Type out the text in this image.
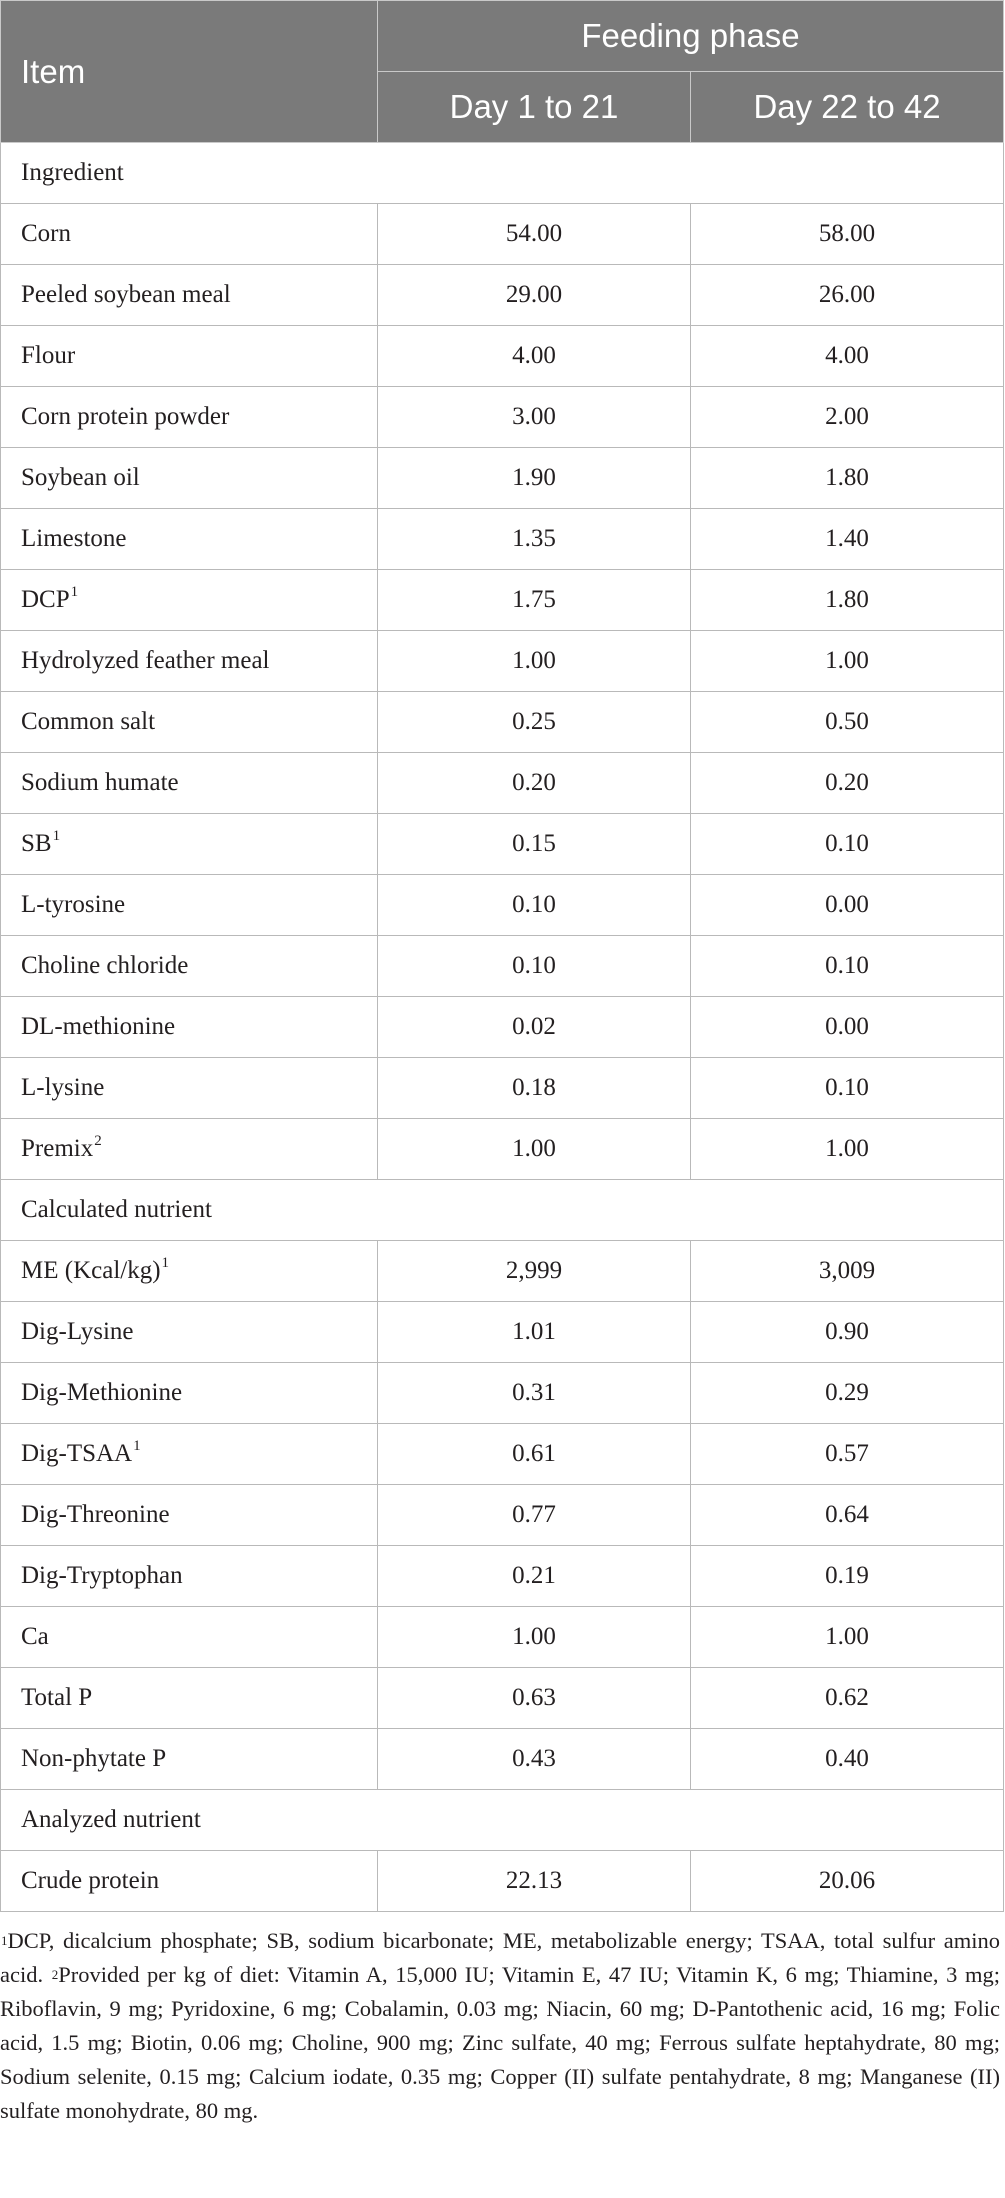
Item	Feeding phase	
	Day 1 to 21	Day 22 to 42
Ingredient		
Corn	54.00	58.00
Peeled soybean meal	29.00	26.00
Flour	4.00	4.00
Corn protein powder	3.00	2.00
Soybean oil	1.90	1.80
Limestone	1.35	1.40
DCP$^1$	1.75	1.80
Hydrolyzed feather meal	1.00	1.00
Common salt	0.25	0.50
Sodium humate	0.20	0.20
$SB^1$	0.15	0.10
L-tyrosine	0.10	0.00
Choline chloride	0.10	0.10
DL-methionine	0.02	0.00
L-lysine	0.18	0.10
Premix$^2$	1.00	1.00
Calculated nutrient		
ME (Kcal/kg)$^1$	2,999	3,009
Dig-Lysine	1.01	0.90
Dig-Methionine	0.31	0.29
Dig-TSAA$^1$	0.61	0.57
Dig-Threonine	0.77	0.64
Dig-Tryptophan	0.21	0.19
Ca	1.00	1.00
Total P	0.63	0.62
Non-phytate P	0.43	0.40
Analyzed nutrient		
Crude protein	22.13	20.06
$^1$DCP, dicalcium phosphate; SB, sodium bicarbonate; ME, metabolizable energy; TSAA, total sulfur amino acid. $^2$Provided per kg of diet: Vitamin A, 15,000 IU; Vitamin E, 47 IU; Vitamin K, 6 mg; Thiamine, 3 mg; Riboflavin, 9 mg; Pyridoxine, 6 mg; Cobalamin, 0.03 mg; Niacin, 60 mg; D-Pantothenic acid, 16 mg; Folic acid, 1.5 mg; Biotin, 0.06 mg; Choline, 900 mg; Zinc sulfate, 40 mg; Ferrous sulfate heptahydrate, 80 mg; Sodium selenite, 0.15 mg; Calcium iodate, 0.35 mg; Copper (II) sulfate pentahydrate, 8 mg; Manganese (II) sulfate monohydrate, 80 mg.
